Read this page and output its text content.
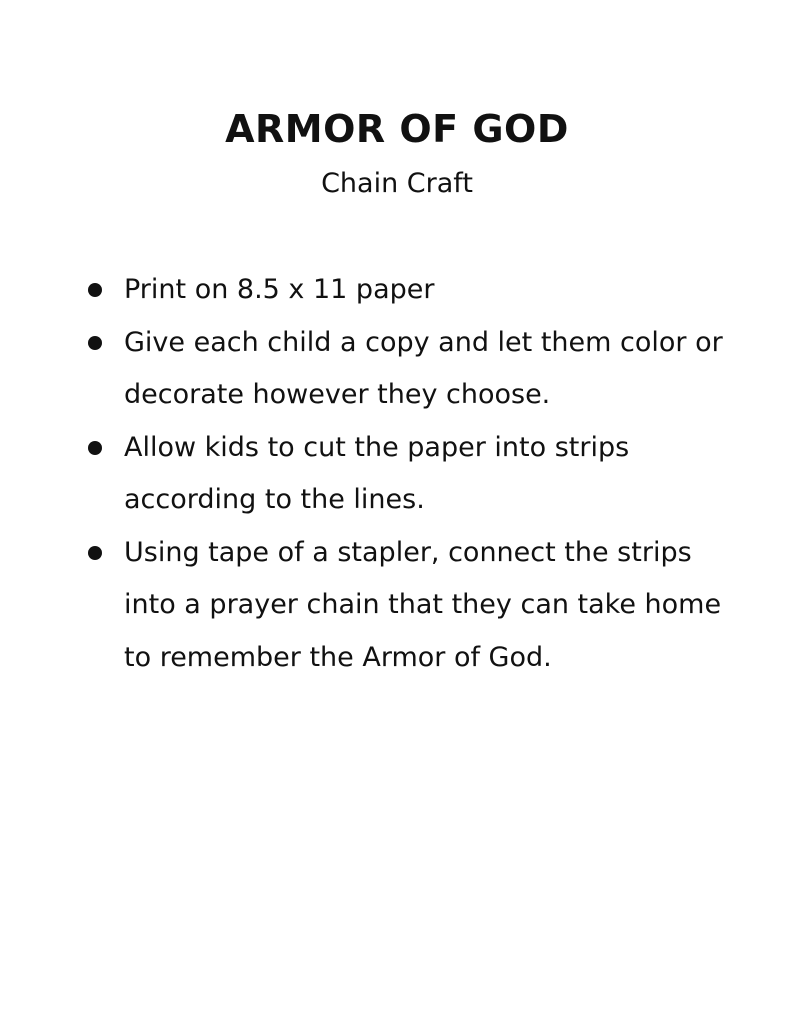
ARMOR OF GOD
Chain Craft
Print on 8.5 x 11 paper
Give each child a copy and let them color or decorate however they choose.
Allow kids to cut the paper into strips according to the lines.
Using tape of a stapler, connect the strips into a prayer chain that they can take home to remember the Armor of God.
